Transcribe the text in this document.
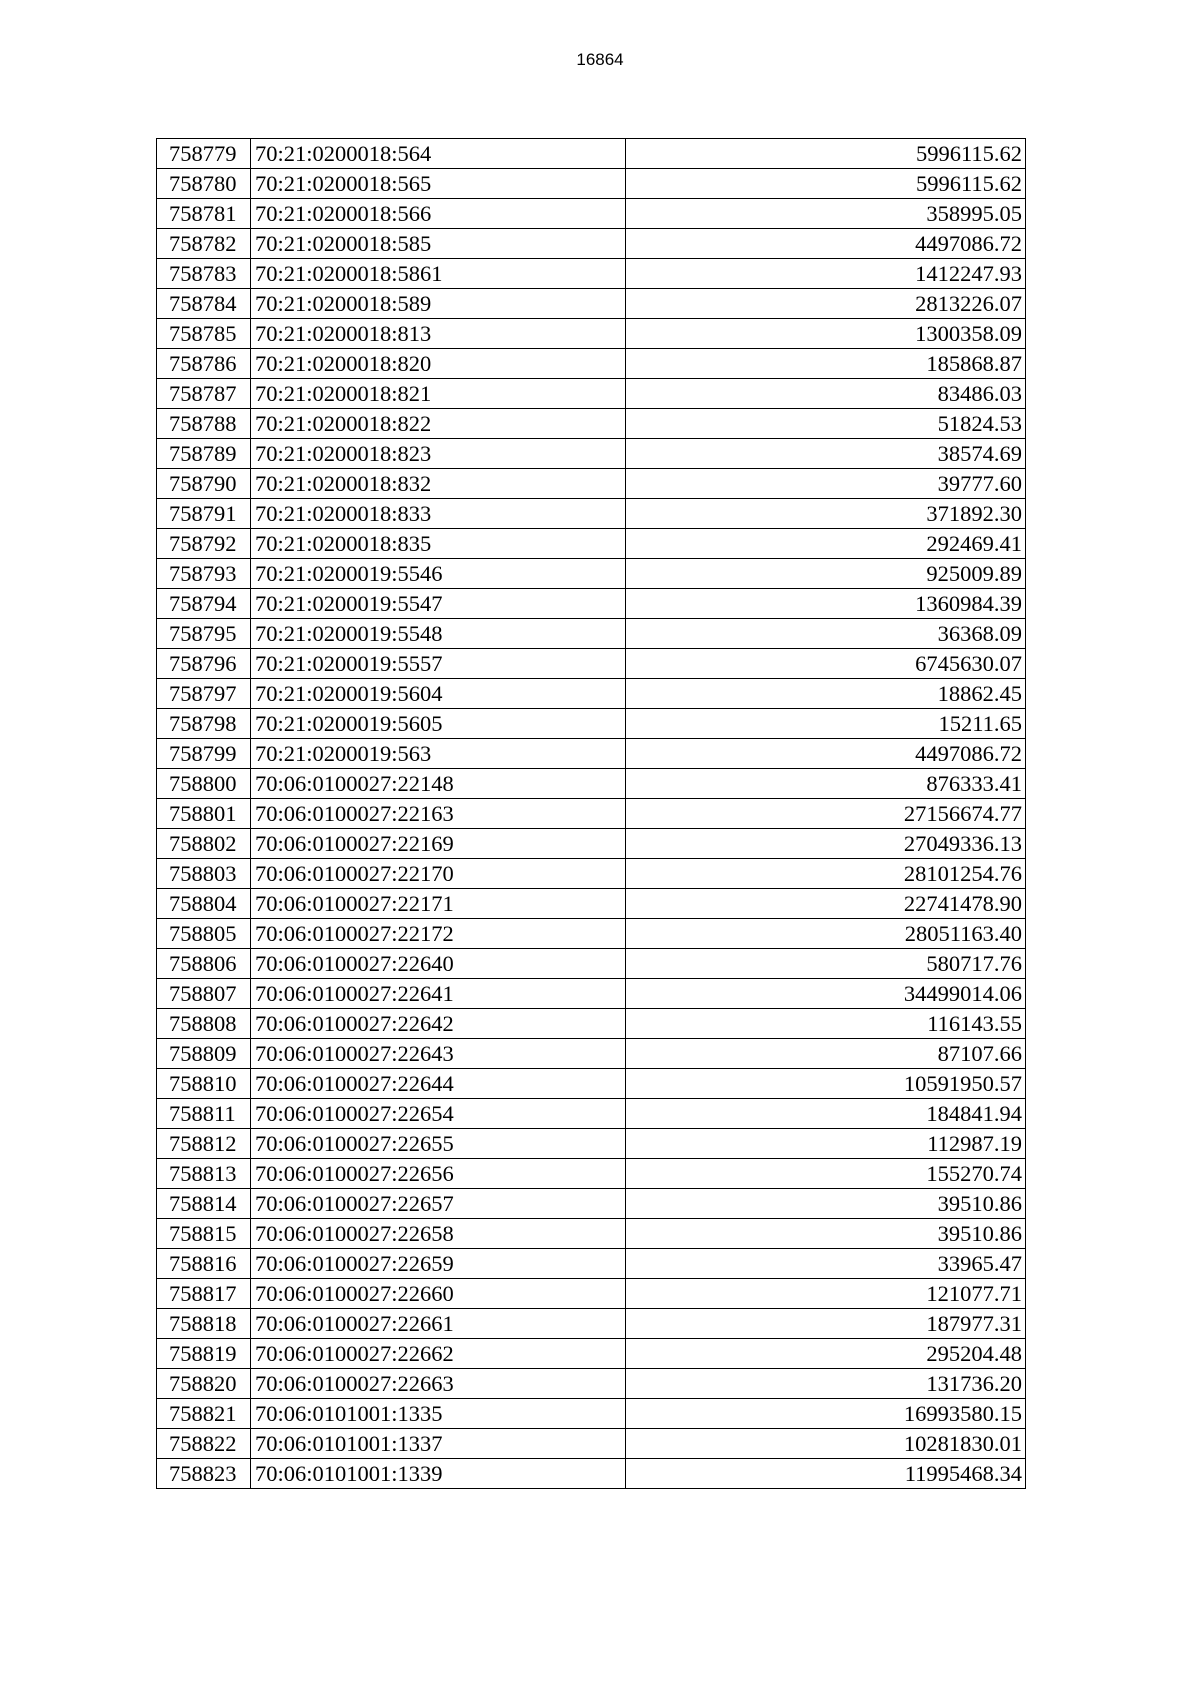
16864
758779	70:21:0200018:564	5996115.62
758780	70:21:0200018:565	5996115.62
758781	70:21:0200018:566	358995.05
758782	70:21:0200018:585	4497086.72
758783	70:21:0200018:5861	1412247.93
758784	70:21:0200018:589	2813226.07
758785	70:21:0200018:813	1300358.09
758786	70:21:0200018:820	185868.87
758787	70:21:0200018:821	83486.03
758788	70:21:0200018:822	51824.53
758789	70:21:0200018:823	38574.69
758790	70:21:0200018:832	39777.60
758791	70:21:0200018:833	371892.30
758792	70:21:0200018:835	292469.41
758793	70:21:0200019:5546	925009.89
758794	70:21:0200019:5547	1360984.39
758795	70:21:0200019:5548	36368.09
758796	70:21:0200019:5557	6745630.07
758797	70:21:0200019:5604	18862.45
758798	70:21:0200019:5605	15211.65
758799	70:21:0200019:563	4497086.72
758800	70:06:0100027:22148	876333.41
758801	70:06:0100027:22163	27156674.77
758802	70:06:0100027:22169	27049336.13
758803	70:06:0100027:22170	28101254.76
758804	70:06:0100027:22171	22741478.90
758805	70:06:0100027:22172	28051163.40
758806	70:06:0100027:22640	580717.76
758807	70:06:0100027:22641	34499014.06
758808	70:06:0100027:22642	116143.55
758809	70:06:0100027:22643	87107.66
758810	70:06:0100027:22644	10591950.57
758811	70:06:0100027:22654	184841.94
758812	70:06:0100027:22655	112987.19
758813	70:06:0100027:22656	155270.74
758814	70:06:0100027:22657	39510.86
758815	70:06:0100027:22658	39510.86
758816	70:06:0100027:22659	33965.47
758817	70:06:0100027:22660	121077.71
758818	70:06:0100027:22661	187977.31
758819	70:06:0100027:22662	295204.48
758820	70:06:0100027:22663	131736.20
758821	70:06:0101001:1335	16993580.15
758822	70:06:0101001:1337	10281830.01
758823	70:06:0101001:1339	11995468.34
